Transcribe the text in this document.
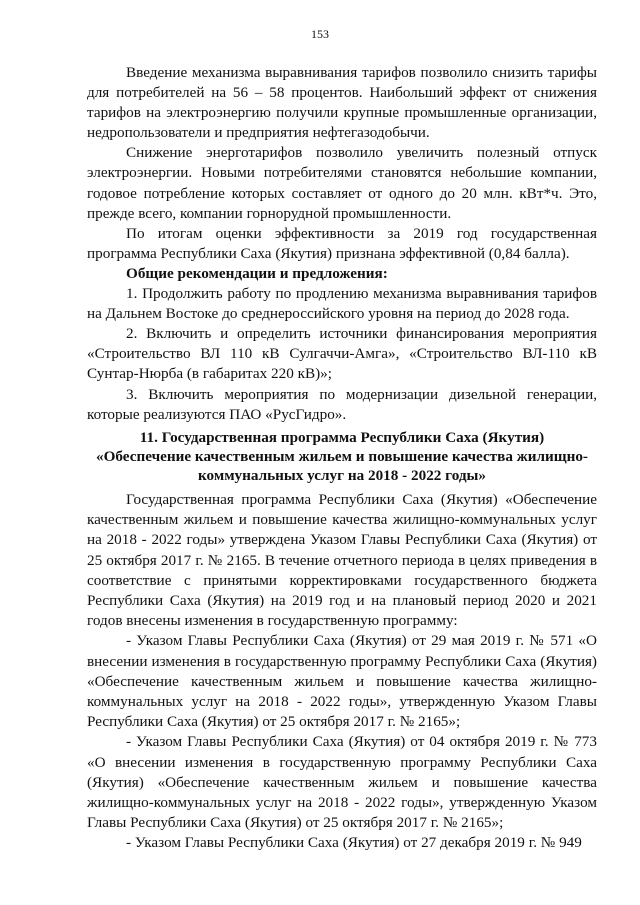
153

Введение механизма выравнивания тарифов позволило снизить тарифы для потребителей на 56 – 58 процентов. Наибольший эффект от снижения тарифов на электроэнергию получили крупные промышленные организации, недропользователи и предприятия нефтегазодобычи.

Снижение энерготарифов позволило увеличить полезный отпуск электроэнергии. Новыми потребителями становятся небольшие компании, годовое потребление которых составляет от одного до 20 млн. кВт*ч. Это, прежде всего, компании горнорудной промышленности.

По итогам оценки эффективности за 2019 год государственная программа Республики Саха (Якутия) признана эффективной (0,84 балла).

Общие рекомендации и предложения:

1. Продолжить работу по продлению механизма выравнивания тарифов на Дальнем Востоке до среднероссийского уровня на период до 2028 года.

2. Включить и определить источники финансирования мероприятия «Строительство ВЛ 110 кВ Сулгаччи-Амга», «Строительство ВЛ-110 кВ Сунтар-Нюрба (в габаритах 220 кВ)»;

3. Включить мероприятия по модернизации дизельной генерации, которые реализуются ПАО «РусГидро».

11. Государственная программа Республики Саха (Якутия)
«Обеспечение качественным жильем и повышение качества жилищно-
коммунальных услуг на 2018 - 2022 годы»

Государственная программа Республики Саха (Якутия) «Обеспечение качественным жильем и повышение качества жилищно-коммунальных услуг на 2018 - 2022 годы» утверждена Указом Главы Республики Саха (Якутия) от 25 октября 2017 г. № 2165. В течение отчетного периода в целях приведения в соответствие с принятыми корректировками государственного бюджета Республики Саха (Якутия) на 2019 год и на плановый период 2020 и 2021 годов внесены изменения в государственную программу:

- Указом Главы Республики Саха (Якутия) от 29 мая 2019 г. № 571 «О внесении изменения в государственную программу Республики Саха (Якутия) «Обеспечение качественным жильем и повышение качества жилищно-коммунальных услуг на 2018 - 2022 годы», утвержденную Указом Главы Республики Саха (Якутия) от 25 октября 2017 г. № 2165»;

- Указом Главы Республики Саха (Якутия) от 04 октября 2019 г. № 773 «О внесении изменения в государственную программу Республики Саха (Якутия) «Обеспечение качественным жильем и повышение качества жилищно-коммунальных услуг на 2018 - 2022 годы», утвержденную Указом Главы Республики Саха (Якутия) от 25 октября 2017 г. № 2165»;

- Указом Главы Республики Саха (Якутия) от 27 декабря 2019 г. № 949
